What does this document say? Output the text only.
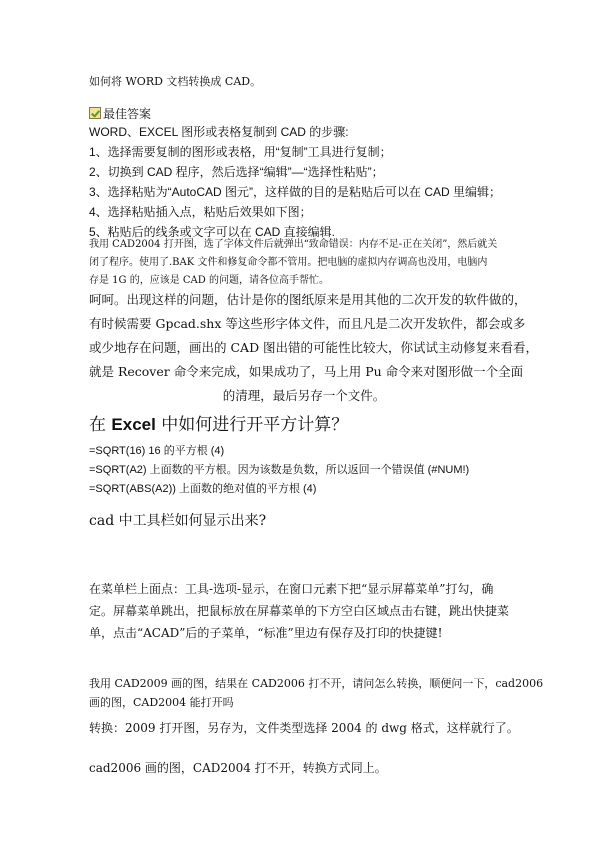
如何将 WORD 文档转换成 CAD。
最佳答案
WORD、EXCEL 图形或表格复制到 CAD 的步骤:
1、选择需要复制的图形或表格，用“复制”工具进行复制；
2、切换到 CAD 程序，然后选择“编辑”—“选择性粘贴”；
3、选择粘贴为“AutoCAD 图元”，这样做的目的是粘贴后可以在 CAD 里编辑；
4、选择粘贴插入点，粘贴后效果如下图；
5、粘贴后的线条或文字可以在 CAD 直接编辑.
我用 CAD2004 打开图，选了字体文件后就弹出“致命错误：内存不足-正在关闭”，然后就关
闭了程序。使用了.BAK 文件和修复命令都不管用。把电脑的虚拟内存调高也没用，电脑内
存是 1G 的，应该是 CAD 的问题，请各位高手帮忙。
呵呵。出现这样的问题，估计是你的图纸原来是用其他的二次开发的软件做的，
有时候需要 Gpcad.shx 等这些形字体文件，而且凡是二次开发软件，都会或多
或少地存在问题，画出的 CAD 图出错的可能性比较大，你试试主动修复来看看，
就是 Recover 命令来完成，如果成功了，马上用 Pu 命令来对图形做一个全面
的清理，最后另存一个文件。
在 Excel 中如何进行开平方计算？
=SQRT(16) 16 的平方根 (4)
=SQRT(A2) 上面数的平方根。因为该数是负数，所以返回一个错误值 (#NUM!)
=SQRT(ABS(A2)) 上面数的绝对值的平方根 (4)
cad 中工具栏如何显示出来?
在菜单栏上面点：工具-选项-显示，在窗口元素下把“显示屏幕菜单”打勾，确
定。屏幕菜单跳出，把鼠标放在屏幕菜单的下方空白区域点击右键，跳出快捷菜
单，点击“ACAD”后的子菜单，“标准”里边有保存及打印的快捷键!
我用 CAD2009 画的图，结果在 CAD2006 打不开，请问怎么转换，顺便问一下，cad2006
画的图，CAD2004 能打开吗
转换：2009 打开图，另存为，文件类型选择 2004 的 dwg 格式，这样就行了。
cad2006 画的图，CAD2004 打不开，转换方式同上。
